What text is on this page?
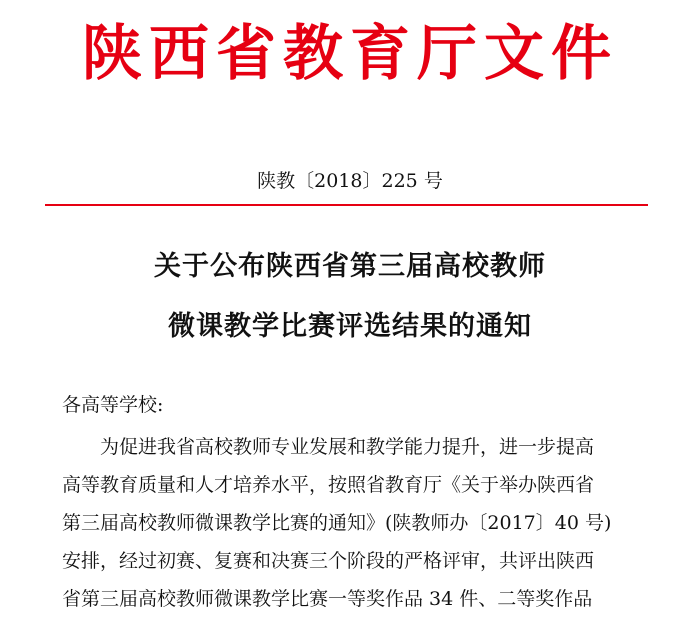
陕西省教育厅文件
陕教〔2018〕225 号
关于公布陕西省第三届高校教师
微课教学比赛评选结果的通知
各高等学校:
为促进我省高校教师专业发展和教学能力提升，进一步提高
高等教育质量和人才培养水平，按照省教育厅《关于举办陕西省
第三届高校教师微课教学比赛的通知》(陕教师办〔2017〕40 号)
安排，经过初赛、复赛和决赛三个阶段的严格评审，共评出陕西
省第三届高校教师微课教学比赛一等奖作品 34 件、二等奖作品
